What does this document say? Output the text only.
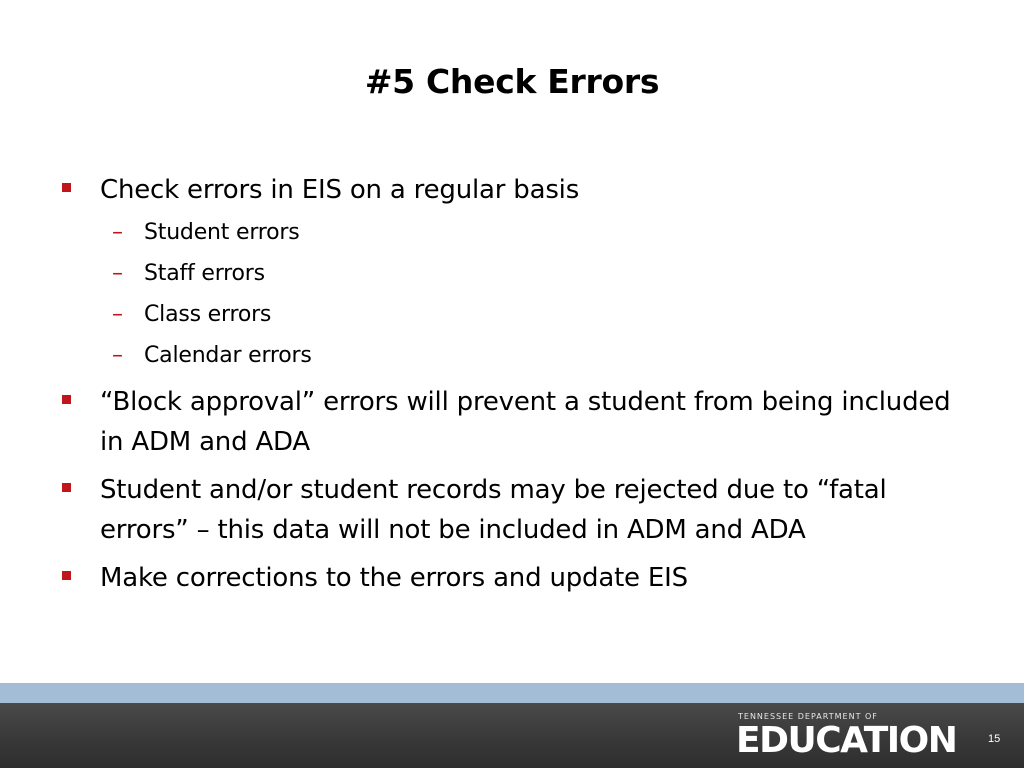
#5 Check Errors
Check errors in EIS on a regular basis
– Student errors
– Staff errors
– Class errors
– Calendar errors
“Block approval” errors will prevent a student from being included in ADM and ADA
Student and/or student records may be rejected due to “fatal errors” – this data will not be included in ADM and ADA
Make corrections to the errors and update EIS
TENNESSEE DEPARTMENT OF
EDUCATION	15
